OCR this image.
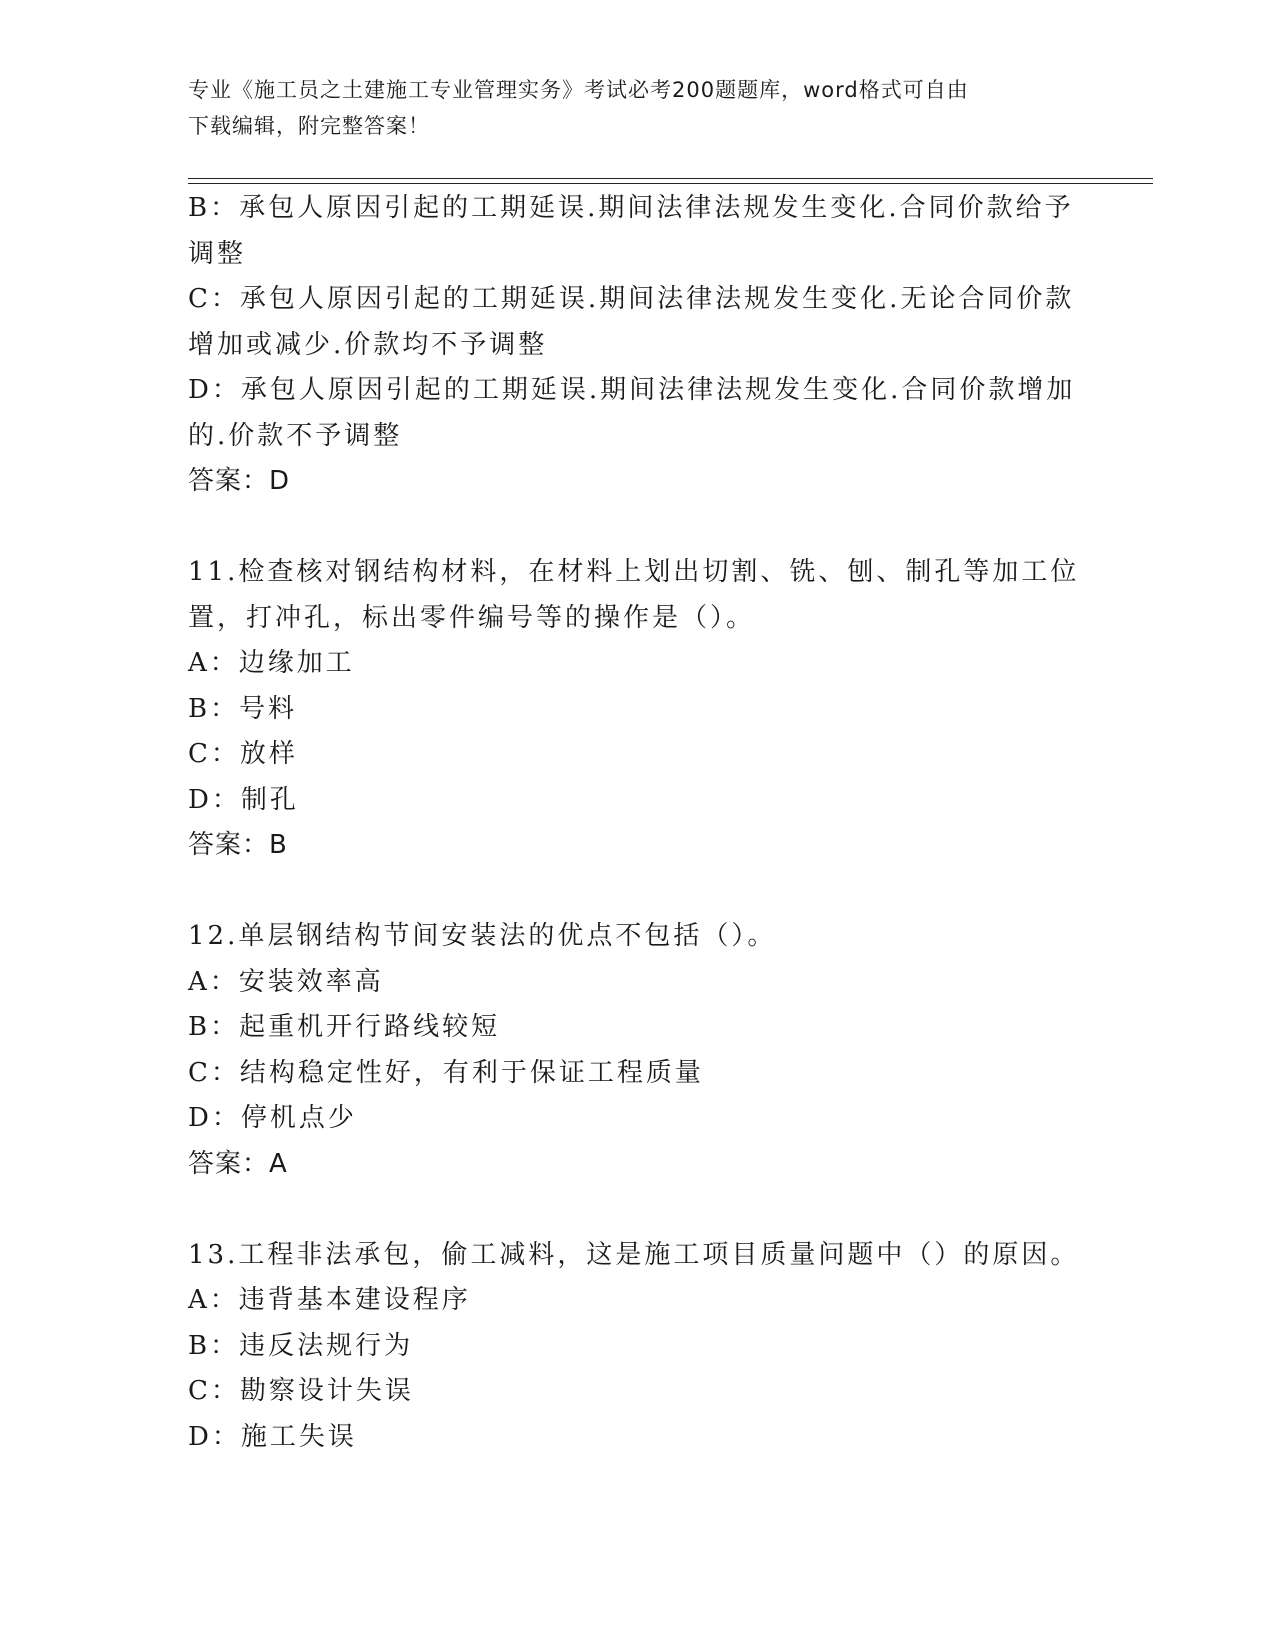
专业《施工员之土建施工专业管理实务》考试必考200题题库，word格式可自由
下载编辑，附完整答案！
B：承包人原因引起的工期延误.期间法律法规发生变化.合同价款给予
调整
C：承包人原因引起的工期延误.期间法律法规发生变化.无论合同价款
增加或减少.价款均不予调整
D：承包人原因引起的工期延误.期间法律法规发生变化.合同价款增加
的.价款不予调整
答案：D
11.检查核对钢结构材料，在材料上划出切割、铣、刨、制孔等加工位
置，打冲孔，标出零件编号等的操作是（）。
A：边缘加工
B：号料
C：放样
D：制孔
答案：B
12.单层钢结构节间安装法的优点不包括（）。
A：安装效率高
B：起重机开行路线较短
C：结构稳定性好，有利于保证工程质量
D：停机点少
答案：A
13.工程非法承包，偷工减料，这是施工项目质量问题中（）的原因。
A：违背基本建设程序
B：违反法规行为
C：勘察设计失误
D：施工失误
